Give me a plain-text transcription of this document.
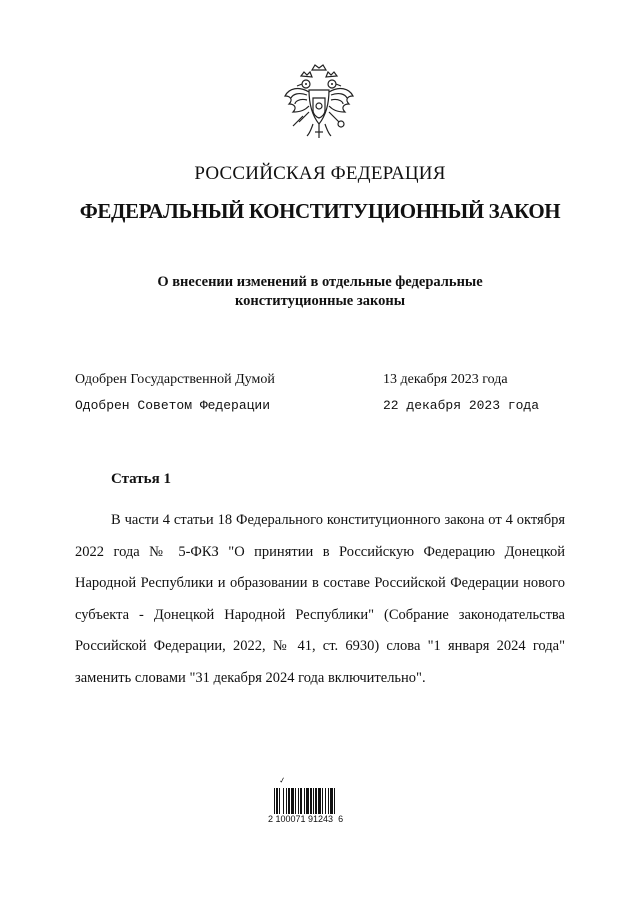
РОССИЙСКАЯ ФЕДЕРАЦИЯ
ФЕДЕРАЛЬНЫЙ КОНСТИТУЦИОННЫЙ ЗАКОН
О внесении изменений в отдельные федеральные
конституционные законы
Одобрен Государственной Думой	13 декабря 2023 года
Одобрен Советом Федерации	22 декабря 2023 года
Статья 1

В части 4 статьи 18 Федерального конституционного закона от 4 октября 2022 года № 5-ФКЗ "О принятии в Российскую Федерацию Донецкой Народной Республики и образовании в составе Российской Федерации нового субъекта - Донецкой Народной Республики" (Собрание законодательства Российской Федерации, 2022, № 41, ст. 6930) слова "1 января 2024 года" заменить словами "31 декабря 2024 года включительно".

✓
2 100071 91243  6
